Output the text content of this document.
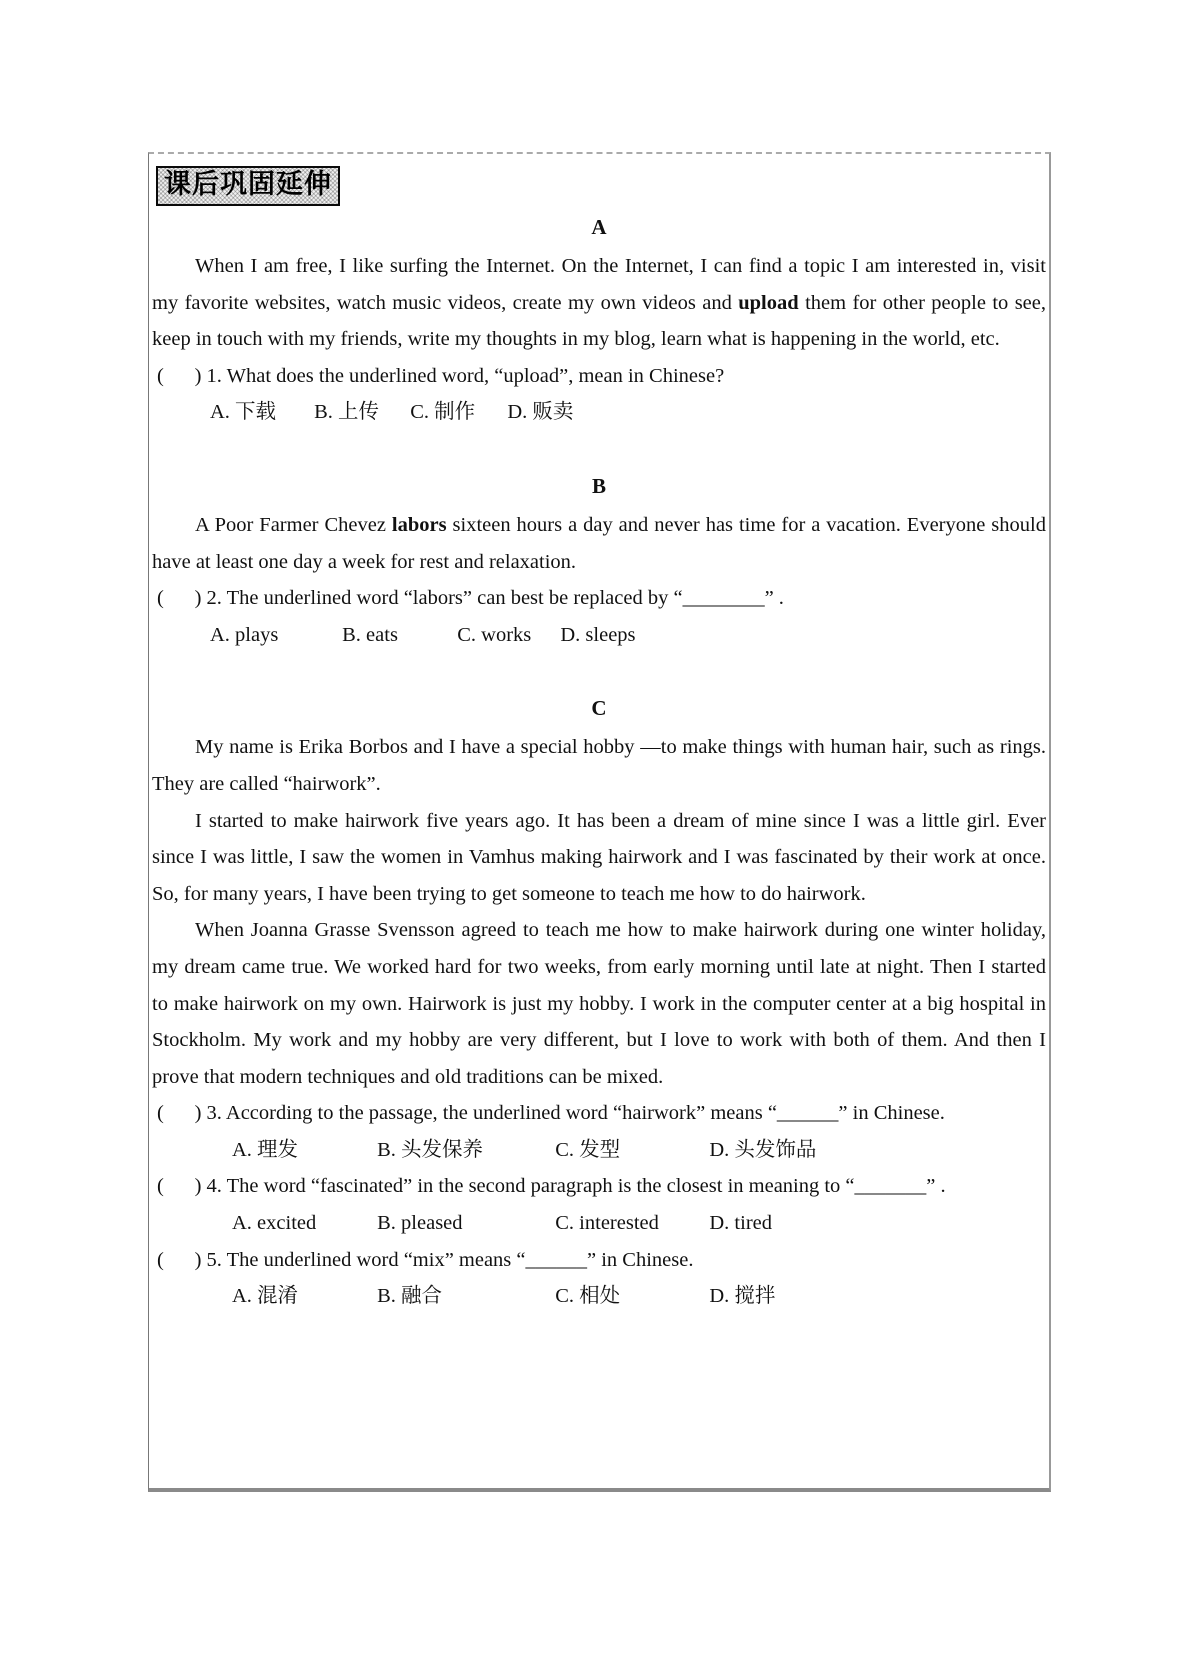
课后巩固延伸

A

When I am free, I like surfing the Internet. On the Internet, I can find a topic I am interested in, visit my favorite websites, watch music videos, create my own videos and upload them for other people to see, keep in touch with my friends, write my thoughts in my blog, learn what is happening in the world, etc.

(      ) 1. What does the underlined word, “upload”, mean in Chinese?

A. 下载 B. 上传 C. 制作 D. 贩卖

B

A Poor Farmer Chevez labors sixteen hours a day and never has time for a vacation. Everyone should have at least one day a week for rest and relaxation.

(      ) 2. The underlined word “labors” can best be replaced by “________” .

A. plays	B. eats	C. works D. sleeps

C

My name is Erika Borbos and I have a special hobby —to make things with human hair, such as rings. They are called “hairwork”.

I started to make hairwork five years ago. It has been a dream of mine since I was a little girl. Ever since I was little, I saw the women in Vamhus making hairwork and I was fascinated by their work at once. So, for many years, I have been trying to get someone to teach me how to do hairwork.

When Joanna Grasse Svensson agreed to teach me how to make hairwork during one winter holiday, my dream came true. We worked hard for two weeks, from early morning until late at night. Then I started to make hairwork on my own. Hairwork is just my hobby. I work in the computer center at a big hospital in Stockholm. My work and my hobby are very different, but I love to work with both of them. And then I prove that modern techniques and old traditions can be mixed.

(      ) 3. According to the passage, the underlined word “hairwork” means “______” in Chinese.

A. 理发	B. 头发保养	C. 发型	D. 头发饰品

(      ) 4. The word “fascinated” in the second paragraph is the closest in meaning to “_______” .

A. excited	B. pleased	C. interested D. tired

(      ) 5. The underlined word “mix” means “______” in Chinese.

A. 混淆	B. 融合	C. 相处	D. 搅拌
